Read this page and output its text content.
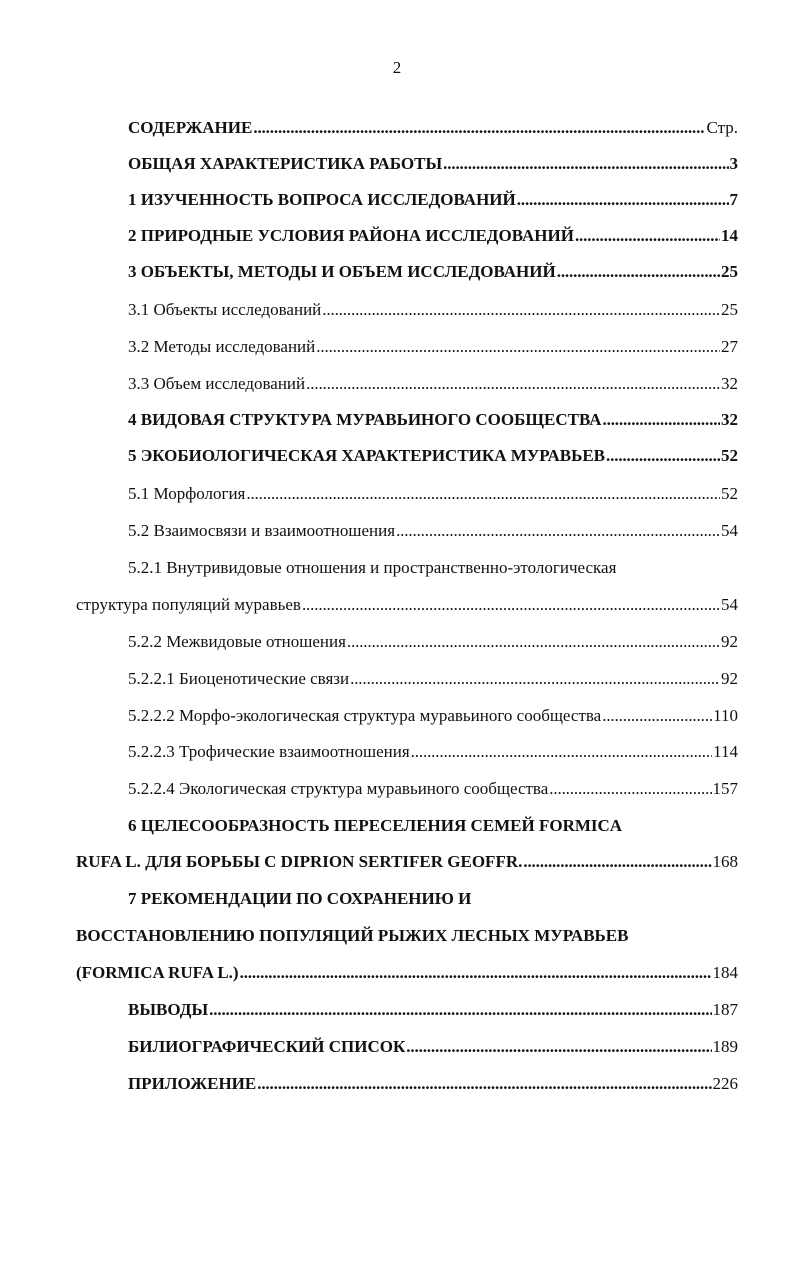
2
СОДЕРЖАНИЕ . . .	Стр.
ОБЩАЯ ХАРАКТЕРИСТИКА РАБОТЫ . . .	3
1 ИЗУЧЕННОСТЬ ВОПРОСА ИССЛЕДОВАНИЙ . . .	7
2 ПРИРОДНЫЕ УСЛОВИЯ РАЙОНА ИССЛЕДОВАНИЙ . . .	14
3 ОБЪЕКТЫ, МЕТОДЫ И ОБЪЕМ ИССЛЕДОВАНИЙ . . .	25
3.1 Объекты исследований . . .	25
3.2 Методы исследований . . .	27
3.3 Объем исследований . . .	32
4 ВИДОВАЯ СТРУКТУРА МУРАВЬИНОГО СООБЩЕСТВА . . .	32
5 ЭКОБИОЛОГИЧЕСКАЯ ХАРАКТЕРИСТИКА МУРАВЬЕВ . . .	52
5.1 Морфология . . .	52
5.2 Взаимосвязи и взаимоотношения . . .	54
5.2.1 Внутривидовые отношения и пространственно-этологическая
структура популяций муравьев . . .	54
5.2.2 Межвидовые отношения . . .	92
5.2.2.1 Биоценотические связи . . .	92
5.2.2.2 Морфо-экологическая структура муравьиного сообщества . . .	110
5.2.2.3 Трофические взаимоотношения . . .	114
5.2.2.4 Экологическая структура муравьиного сообщества . . .	157
6 ЦЕЛЕСООБРАЗНОСТЬ ПЕРЕСЕЛЕНИЯ СЕМЕЙ FORMICA
RUFA L. ДЛЯ БОРЬБЫ С DIPRION SERTIFER GEOFFR. . . .	168
7 РЕКОМЕНДАЦИИ ПО СОХРАНЕНИЮ И
ВОССТАНОВЛЕНИЮ ПОПУЛЯЦИЙ РЫЖИХ ЛЕСНЫХ МУРАВЬЕВ
(FORMICA RUFA L.) . . .	184
ВЫВОДЫ . . .	187
БИЛИОГРАФИЧЕСКИЙ СПИСОК . . .	189
ПРИЛОЖЕНИЕ . . .	226
